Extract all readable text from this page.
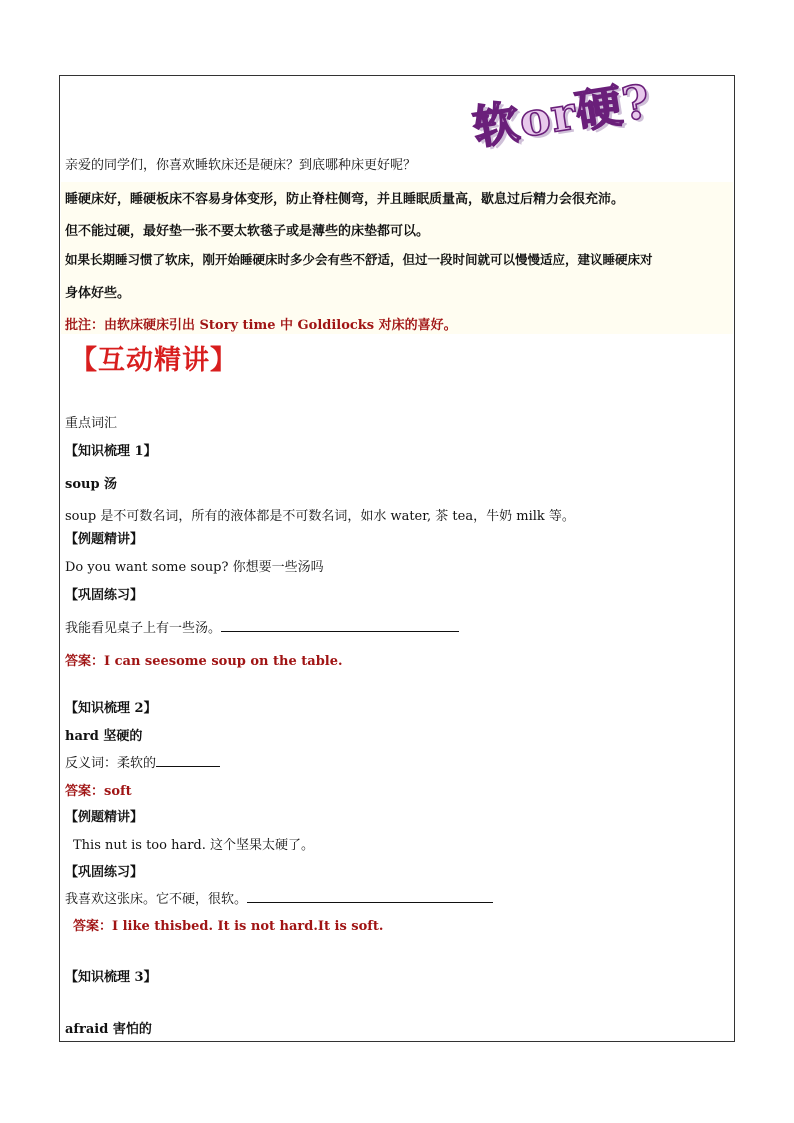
软or硬?
亲爱的同学们，你喜欢睡软床还是硬床？到底哪种床更好呢？
睡硬床好，睡硬板床不容易身体变形，防止脊柱侧弯，并且睡眠质量高，歇息过后精力会很充沛。
但不能过硬，最好垫一张不要太软毯子或是薄些的床垫都可以。
如果长期睡习惯了软床，刚开始睡硬床时多少会有些不舒适，但过一段时间就可以慢慢适应，建议睡硬床对
身体好些。
批注：由软床硬床引出 Story time 中 Goldilocks 对床的喜好。
【互动精讲】
重点词汇
【知识梳理 1】
soup 汤
soup 是不可数名词，所有的液体都是不可数名词，如水 water, 茶 tea，牛奶 milk 等。
【例题精讲】
Do you want some soup? 你想要一些汤吗
【巩固练习】
我能看见桌子上有一些汤。
答案：I can seesome soup on the table.
【知识梳理 2】
hard 坚硬的
反义词：柔软的
答案：soft
【例题精讲】
This nut is too hard. 这个坚果太硬了。
【巩固练习】
我喜欢这张床。它不硬，很软。
答案：I like thisbed. It is not hard.It is soft.
【知识梳理 3】
afraid 害怕的
